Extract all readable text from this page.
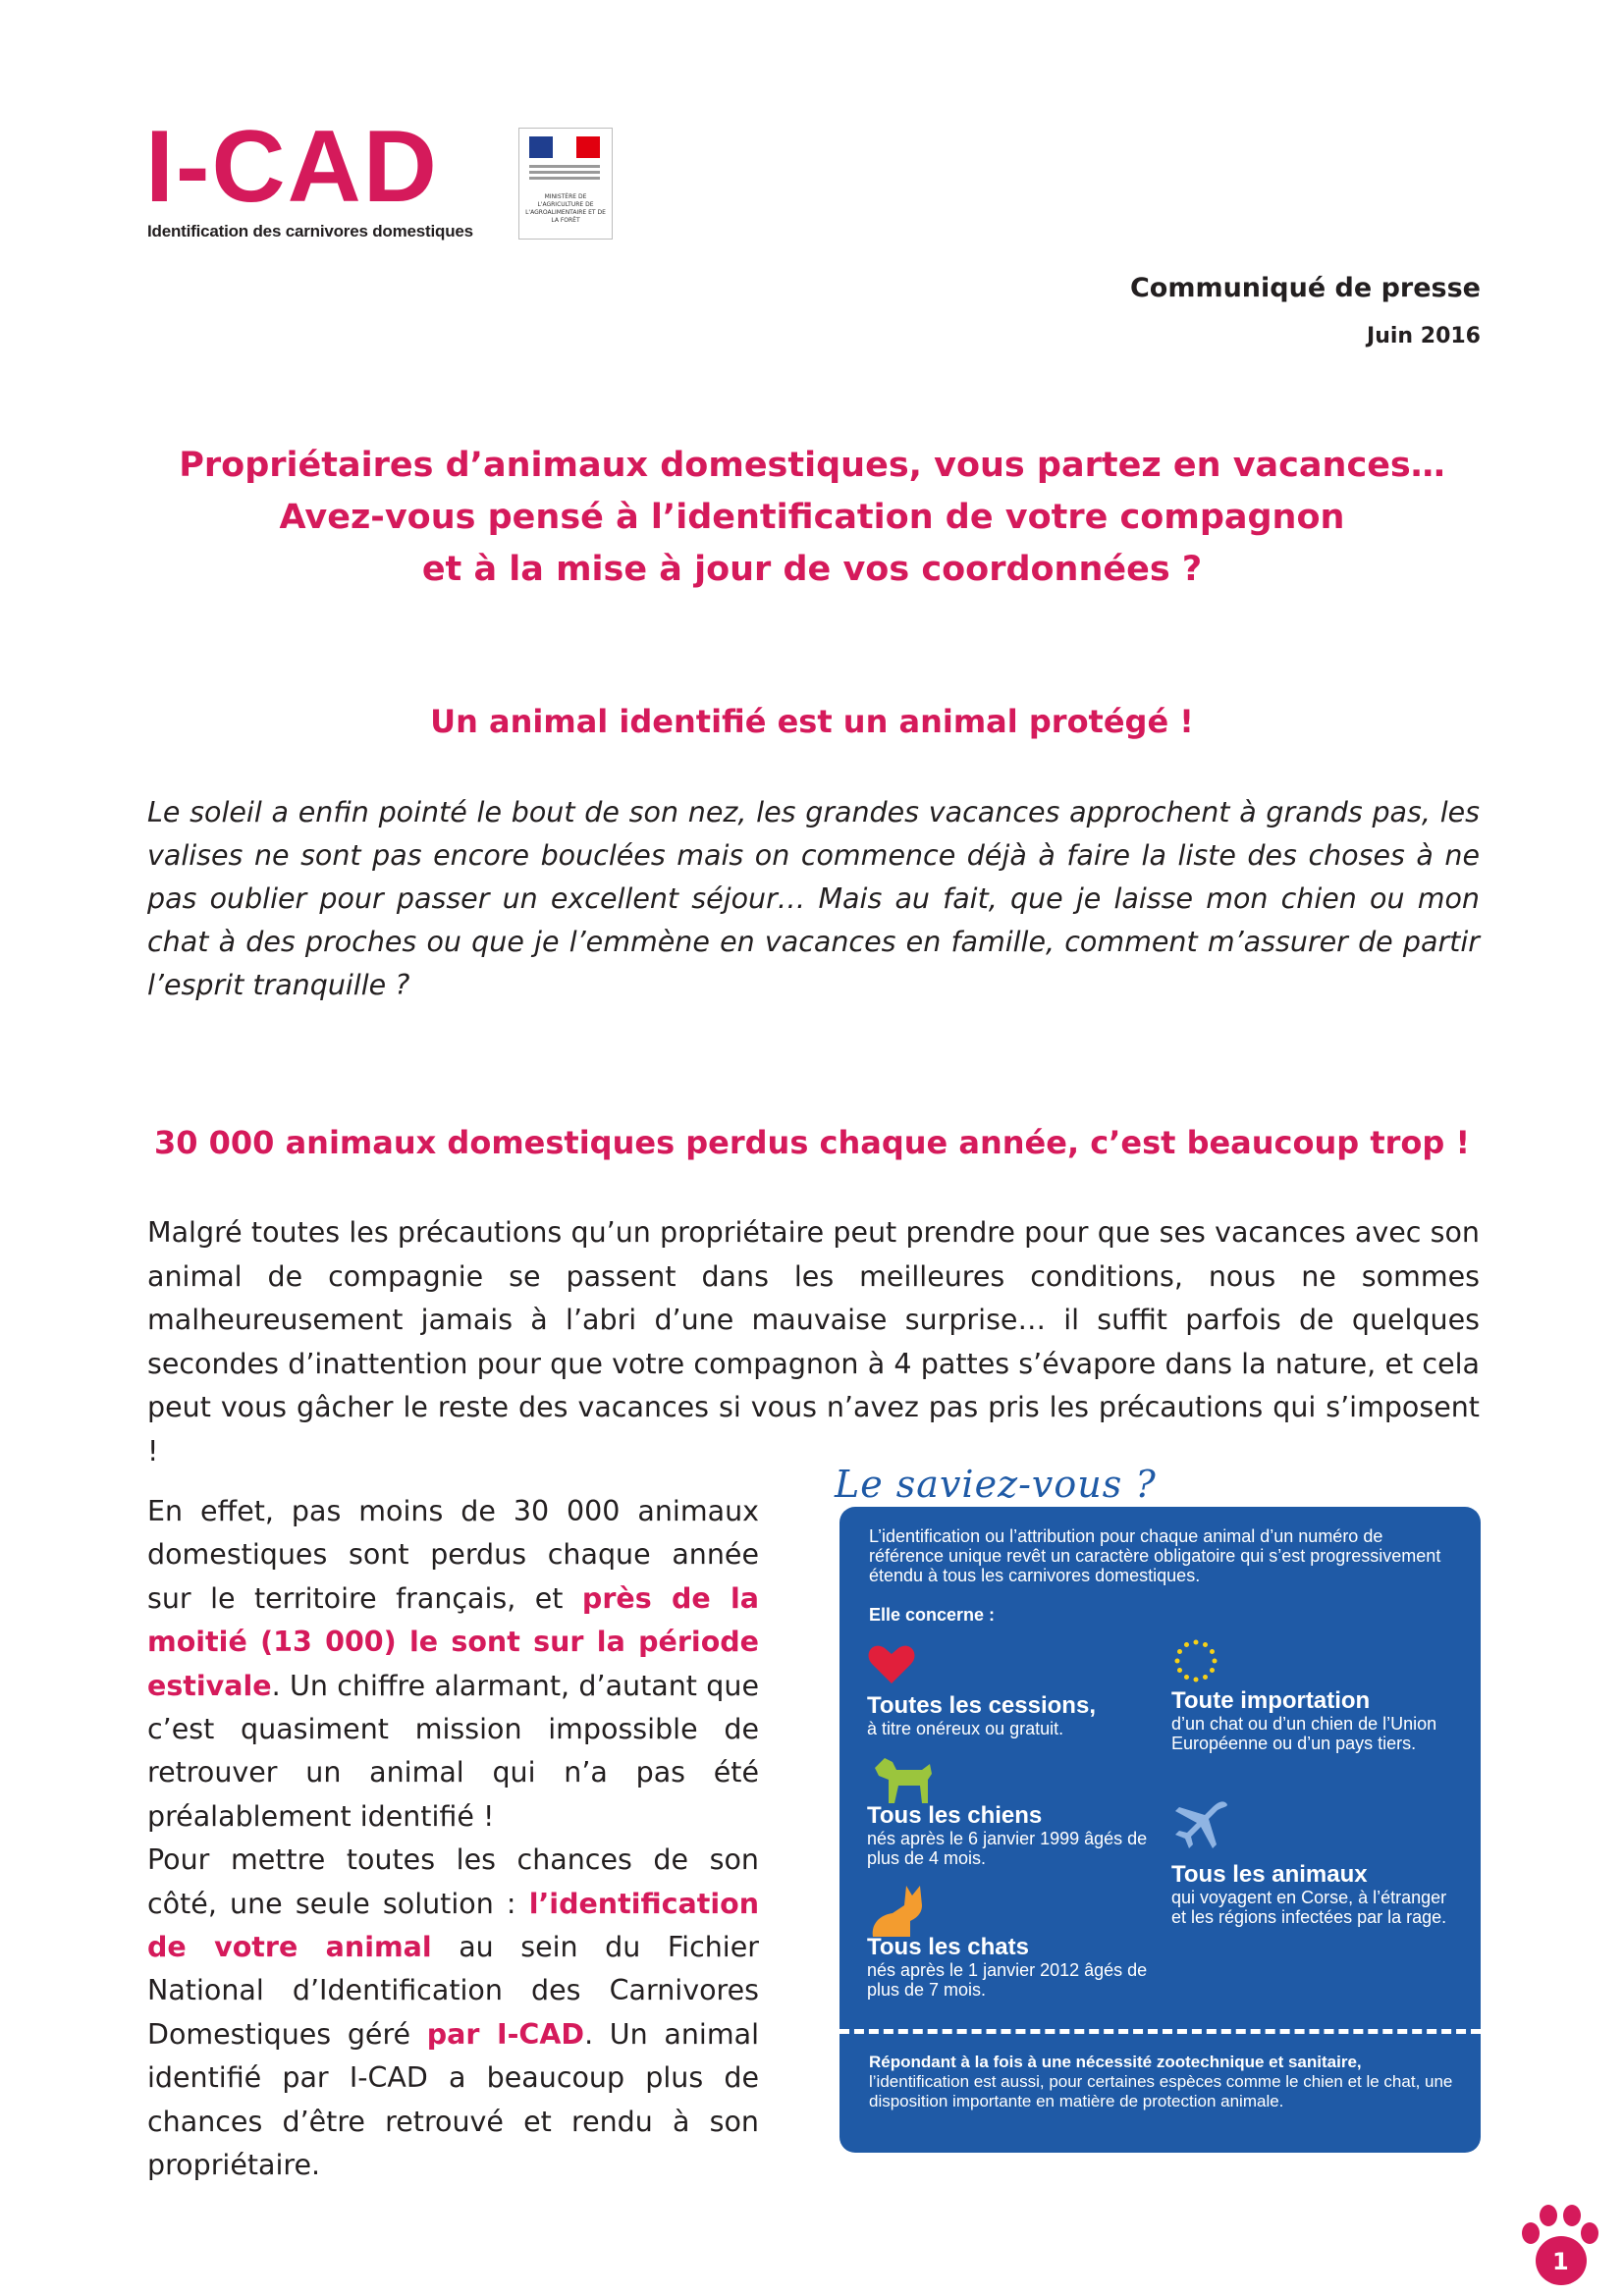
I-CAD
Identification des carnivores domestiques
MINISTÈRE DE L'AGRICULTURE DE L'AGROALIMENTAIRE ET DE LA FORÊT
Communiqué de presse
Juin 2016
Propriétaires d’animaux domestiques, vous partez en vacances…
Avez-vous pensé à l’identification de votre compagnon
et à la mise à jour de vos coordonnées ?
Un animal identifié est un animal protégé !
Le soleil a enfin pointé le bout de son nez, les grandes vacances approchent à grands pas, les valises ne sont pas encore bouclées mais on commence déjà à faire la liste des choses à ne pas oublier pour passer un excellent séjour… Mais au fait, que je laisse mon chien ou mon chat à des proches ou que je l’emmène en vacances en famille, comment m’assurer de partir l’esprit tranquille ?
30 000 animaux domestiques perdus chaque année, c’est beaucoup trop !
Malgré toutes les précautions qu’un propriétaire peut prendre pour que ses vacances avec son animal de compagnie se passent dans les meilleures conditions, nous ne sommes malheureusement jamais à l’abri d’une mauvaise surprise… il suffit parfois de quelques secondes d’inattention pour que votre compagnon à 4 pattes s’évapore dans la nature, et cela peut vous gâcher le reste des vacances si vous n’avez pas pris les précautions qui s’imposent !
En effet, pas moins de 30 000 animaux domestiques sont perdus chaque année sur le territoire français, et près de la moitié (13 000) le sont sur la période estivale. Un chiffre alarmant, d’autant que c’est quasiment mission impossible de retrouver un animal qui n’a pas été préalablement identifié !
Pour mettre toutes les chances de son côté, une seule solution : l’identification de votre animal au sein du Fichier National d’Identification des Carnivores Domestiques géré par I-CAD. Un animal identifié par I-CAD a beaucoup plus de chances d’être retrouvé et rendu à son propriétaire.
Le saviez-vous ?
L’identification ou l’attribution pour chaque animal d’un numéro de référence unique revêt un caractère obligatoire qui s’est progressivement étendu à tous les carnivores domestiques.
Elle concerne :
Toutes les cessions,
à titre onéreux ou gratuit.
Tous les chiens
nés après le 6 janvier 1999 âgés de plus de 4 mois.
Tous les chats
nés après le 1 janvier 2012 âgés de plus de 7 mois.
Toute importation
d’un chat ou d’un chien de l’Union Européenne ou d’un pays tiers.
Tous les animaux
qui voyagent en Corse, à l’étranger et les régions infectées par la rage.
Répondant à la fois à une nécessité zootechnique et sanitaire, l’identification est aussi, pour certaines espèces comme le chien et le chat, une disposition importante en matière de protection animale.
1
